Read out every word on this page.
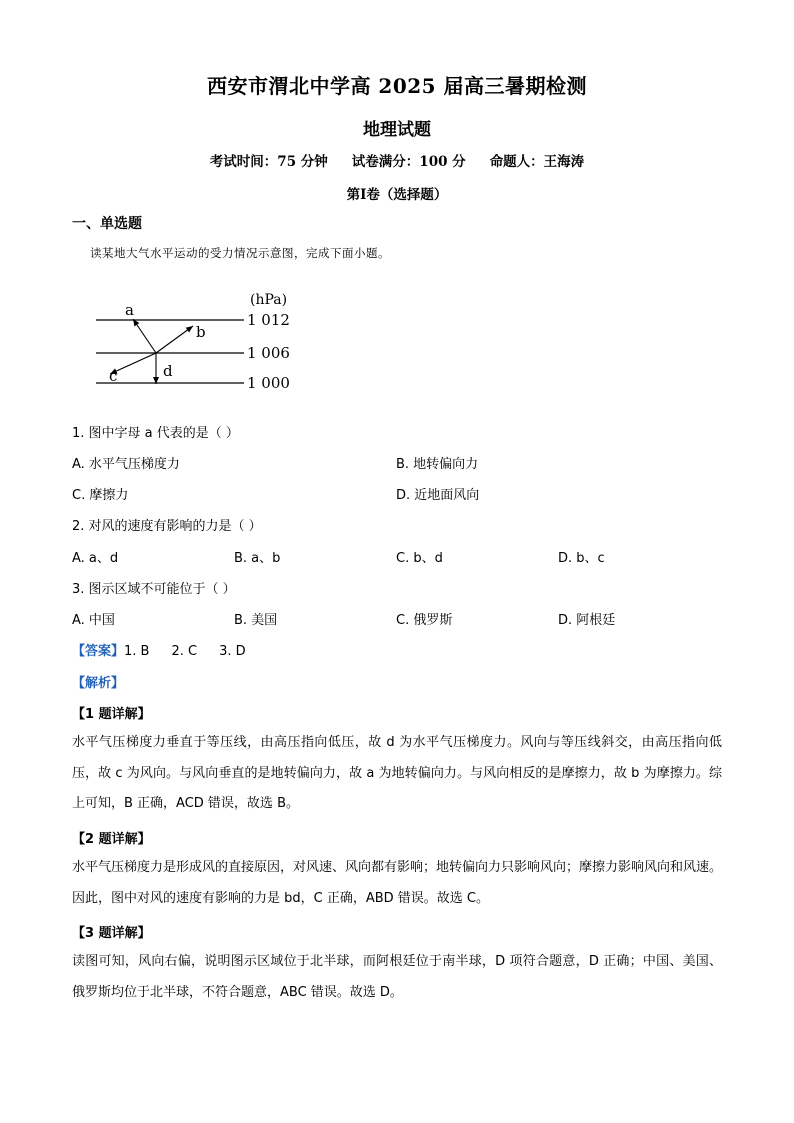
西安市渭北中学高 2025 届高三暑期检测
地理试题
考试时间：75 分钟 试卷满分：100 分 命题人：王海涛
第Ⅰ卷（选择题）
一、单选题
读某地大气水平运动的受力情况示意图，完成下面小题。
(hPa)
1 012
1 006
1 000
a
b
c	d
1. 图中字母 a 代表的是（ ）
A. 水平气压梯度力	B. 地转偏向力
C. 摩擦力	D. 近地面风向
2. 对风的速度有影响的力是（ ）
A. a、d	B. a、b	C. b、d	D. b、c
3. 图示区域不可能位于（ ）
A. 中国	B. 美国	C. 俄罗斯	D. 阿根廷
【答案】1. B 2. C 3. D
【解析】
【1 题详解】
水平气压梯度力垂直于等压线，由高压指向低压，故 d 为水平气压梯度力。风向与等压线斜交，由高压指向低压，故 c 为风向。与风向垂直的是地转偏向力，故 a 为地转偏向力。与风向相反的是摩擦力，故 b 为摩擦力。综上可知，B 正确，ACD 错误，故选 B。
【2 题详解】
水平气压梯度力是形成风的直接原因，对风速、风向都有影响；地转偏向力只影响风向；摩擦力影响风向和风速。因此，图中对风的速度有影响的力是 bd，C 正确，ABD 错误。故选 C。
【3 题详解】
读图可知，风向右偏，说明图示区域位于北半球，而阿根廷位于南半球，D 项符合题意，D 正确；中国、美国、俄罗斯均位于北半球，不符合题意，ABC 错误。故选 D。
